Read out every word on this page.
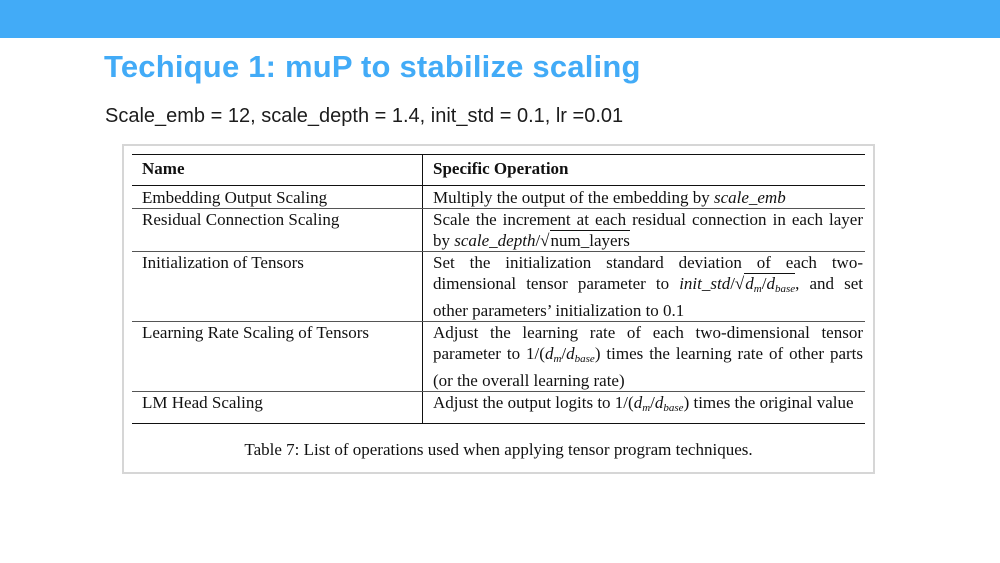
Techique 1: muP to stabilize scaling

Scale_emb = 12, scale_depth = 1.4, init_std = 0.1, lr =0.01

Name	Specific Operation
Embedding Output Scaling	Multiply the output of the embedding by scale_emb
Residual Connection Scaling	Scale the increment at each residual connection in each layer by scale_depth/√num_layers
Initialization of Tensors	Set the initialization standard deviation of each two-dimensional tensor parameter to $init\_std/√d_m/d_{base}$, and set other parameters’ initialization to 0.1
Learning Rate Scaling of Tensors	Adjust the learning rate of each two-dimensional tensor parameter to $1/(d_m/d_{base})$ times the learning rate of other parts (or the overall learning rate)
LM Head Scaling	Adjust the output logits to $1/(d_m/d_{base})$ times the original value
Table 7: List of operations used when applying tensor program techniques.
